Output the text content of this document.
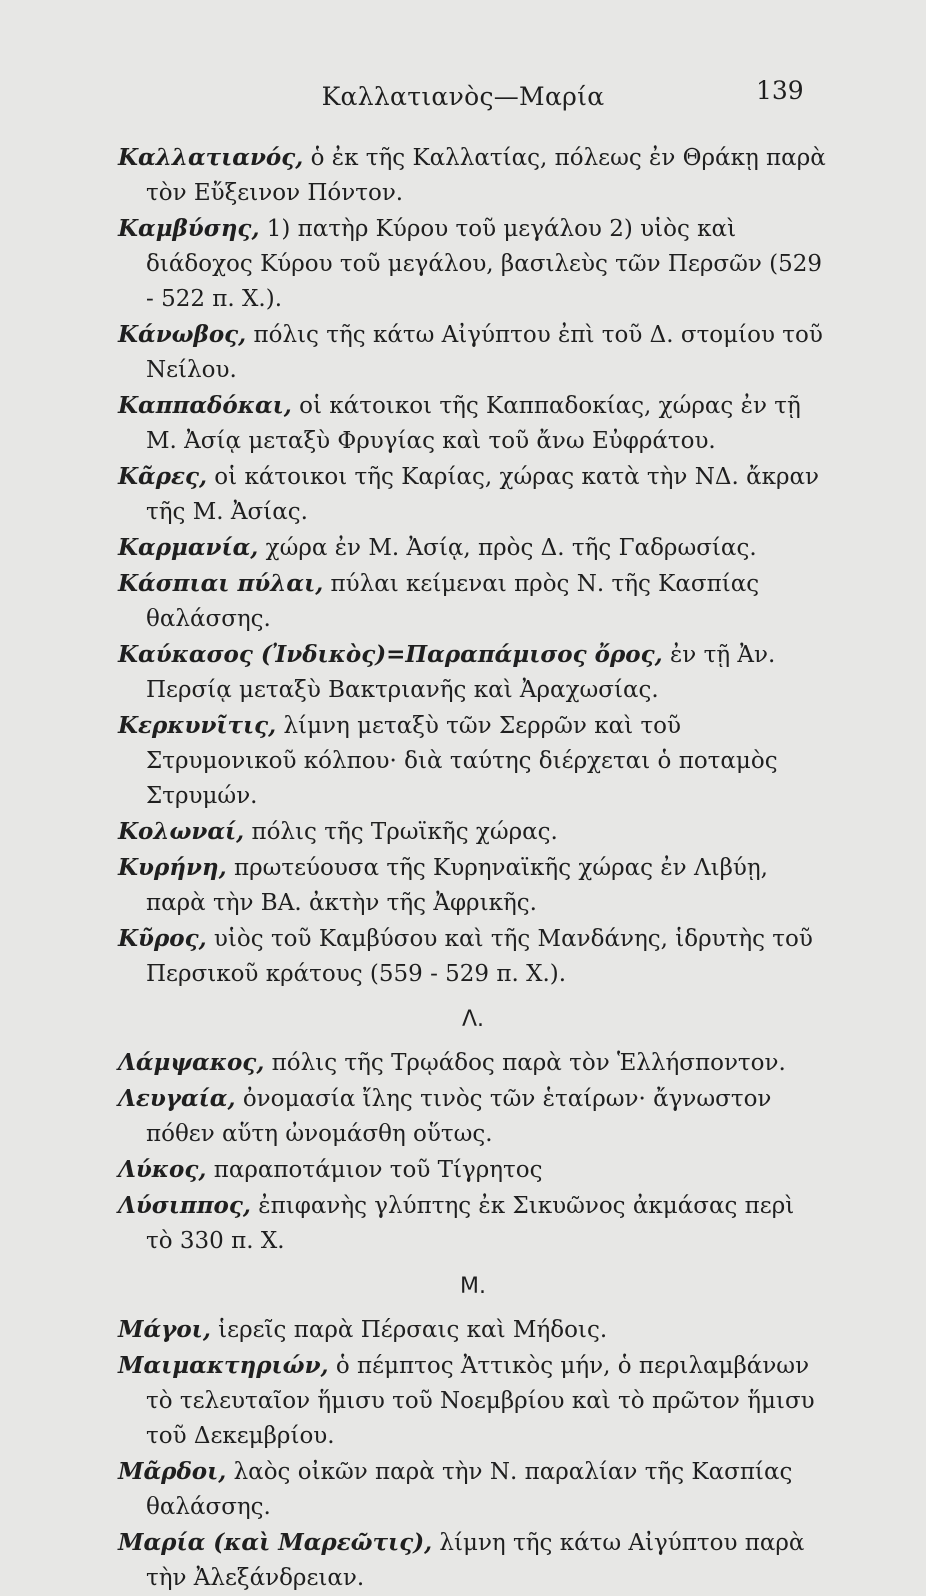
Καλλατιανὸς—Μαρία	139

Καλλατιανός, ὁ ἐκ τῆς Καλλατίας, πόλεως ἐν Θράκῃ παρὰ τὸν Εὔξεινον Πόντον.

Καμβύσης, 1) πατὴρ Κύρου τοῦ μεγάλου 2) υἱὸς καὶ διάδοχος Κύρου τοῦ μεγάλου, βασιλεὺς τῶν Περσῶν (529 - 522 π. Χ.).

Κάνωβος, πόλις τῆς κάτω Αἰγύπτου ἐπὶ τοῦ Δ. στομίου τοῦ Νείλου.

Καππαδόκαι, οἱ κάτοικοι τῆς Καππαδοκίας, χώρας ἐν τῇ Μ. Ἀσίᾳ μεταξὺ Φρυγίας καὶ τοῦ ἄνω Εὐφράτου.

Κᾶρες, οἱ κάτοικοι τῆς Καρίας, χώρας κατὰ τὴν ΝΔ. ἄκραν τῆς Μ. Ἀσίας.

Καρμανία, χώρα ἐν Μ. Ἀσίᾳ, πρὸς Δ. τῆς Γαδρωσίας.

Κάσπιαι πύλαι, πύλαι κείμεναι πρὸς Ν. τῆς Κασπίας θαλάσσης.

Καύκασος (Ἰνδικὸς)=Παραπάμισος ὄρος, ἐν τῇ Ἀν. Περσίᾳ μεταξὺ Βακτριανῆς καὶ Ἀραχωσίας.

Κερκυνῖτις, λίμνη μεταξὺ τῶν Σερρῶν καὶ τοῦ Στρυμονικοῦ κόλπου· διὰ ταύτης διέρχεται ὁ ποταμὸς Στρυμών.

Κολωναί, πόλις τῆς Τρωϊκῆς χώρας.

Κυρήνη, πρωτεύουσα τῆς Κυρηναϊκῆς χώρας ἐν Λιβύῃ, παρὰ τὴν ΒΑ. ἀκτὴν τῆς Ἀφρικῆς.

Κῦρος, υἱὸς τοῦ Καμβύσου καὶ τῆς Μανδάνης, ἱδρυτὴς τοῦ Περσικοῦ κράτους (559 - 529 π. Χ.).

Λ.

Λάμψακος, πόλις τῆς Τρῳάδος παρὰ τὸν Ἑλλήσποντον.

Λευγαία, ὀνομασία ἴλης τινὸς τῶν ἑταίρων· ἄγνωστον πόθεν αὕτη ὠνομάσθη οὕτως.

Λύκος, παραποτάμιον τοῦ Τίγρητος

Λύσιππος, ἐπιφανὴς γλύπτης ἐκ Σικυῶνος ἀκμάσας περὶ τὸ 330 π. Χ.

Μ.

Μάγοι, ἱερεῖς παρὰ Πέρσαις καὶ Μήδοις.

Μαιμακτηριών, ὁ πέμπτος Ἀττικὸς μήν, ὁ περιλαμβάνων τὸ τελευταῖον ἥμισυ τοῦ Νοεμβρίου καὶ τὸ πρῶτον ἥμισυ τοῦ Δεκεμβρίου.

Μᾶρδοι, λαὸς οἰκῶν παρὰ τὴν Ν. παραλίαν τῆς Κασπίας θαλάσσης.

Μαρία (καὶ Μαρεῶτις), λίμνη τῆς κάτω Αἰγύπτου παρὰ τὴν Ἀλεξάνδρειαν.
